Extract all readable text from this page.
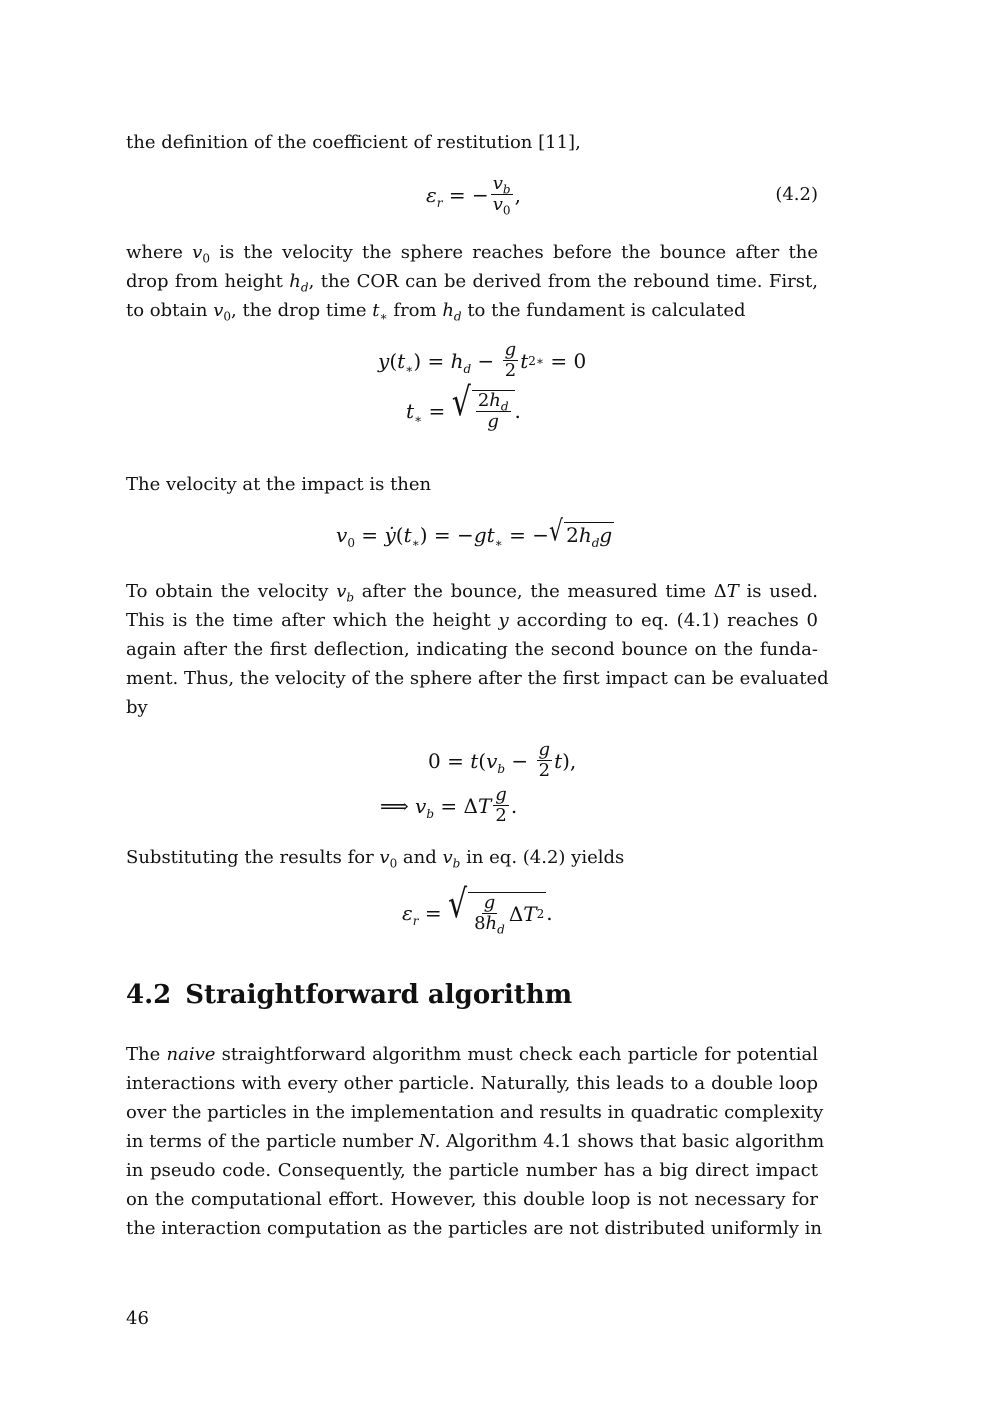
the definition of the coefficient of restitution [11],

$\varepsilon_r$ = − $\frac{v_b}{v_0}$ ,	(4.2)

where $v_0$ is the velocity the sphere reaches before the bounce after the
drop from height $h_d$, the COR can be derived from the rebound time. First,
to obtain $v_0$, the drop time $t_∗$ from $h_d$ to the fundament is calculated

y ( $t_∗$ ) = $h_d - \frac{g}{2}$ t 2 ∗ = 0
$t_∗$ = √ $\frac{2h_d}{g}$ .

The velocity at the impact is then

$v_0$ = ẏ ( $t_∗$ ) = − $gt_∗$ = − √ 2 $h_dg$

To obtain the velocity $v_b$ after the bounce, the measured time ΔT is used.
This is the time after which the height y according to eq. (4.1) reaches 0
again after the first deflection, indicating the second bounce on the funda-
ment. Thus, the velocity of the sphere after the first impact can be evaluated
by

0 = t ( $v_b - \frac{g}{2}$ t ),
⟹ $v_b = \Delta$ T $\frac{g}{2}$ .

Substituting the results for $v_0$ and $v_b$ in eq. (4.2) yields

$\varepsilon_r$ = √ $\frac{g}{8h_d}$ Δ T 2 .
4.2 Straightforward algorithm

The naive straightforward algorithm must check each particle for potential
interactions with every other particle. Naturally, this leads to a double loop
over the particles in the implementation and results in quadratic complexity
in terms of the particle number N. Algorithm 4.1 shows that basic algorithm
in pseudo code. Consequently, the particle number has a big direct impact
on the computational effort. However, this double loop is not necessary for
the interaction computation as the particles are not distributed uniformly in

46
